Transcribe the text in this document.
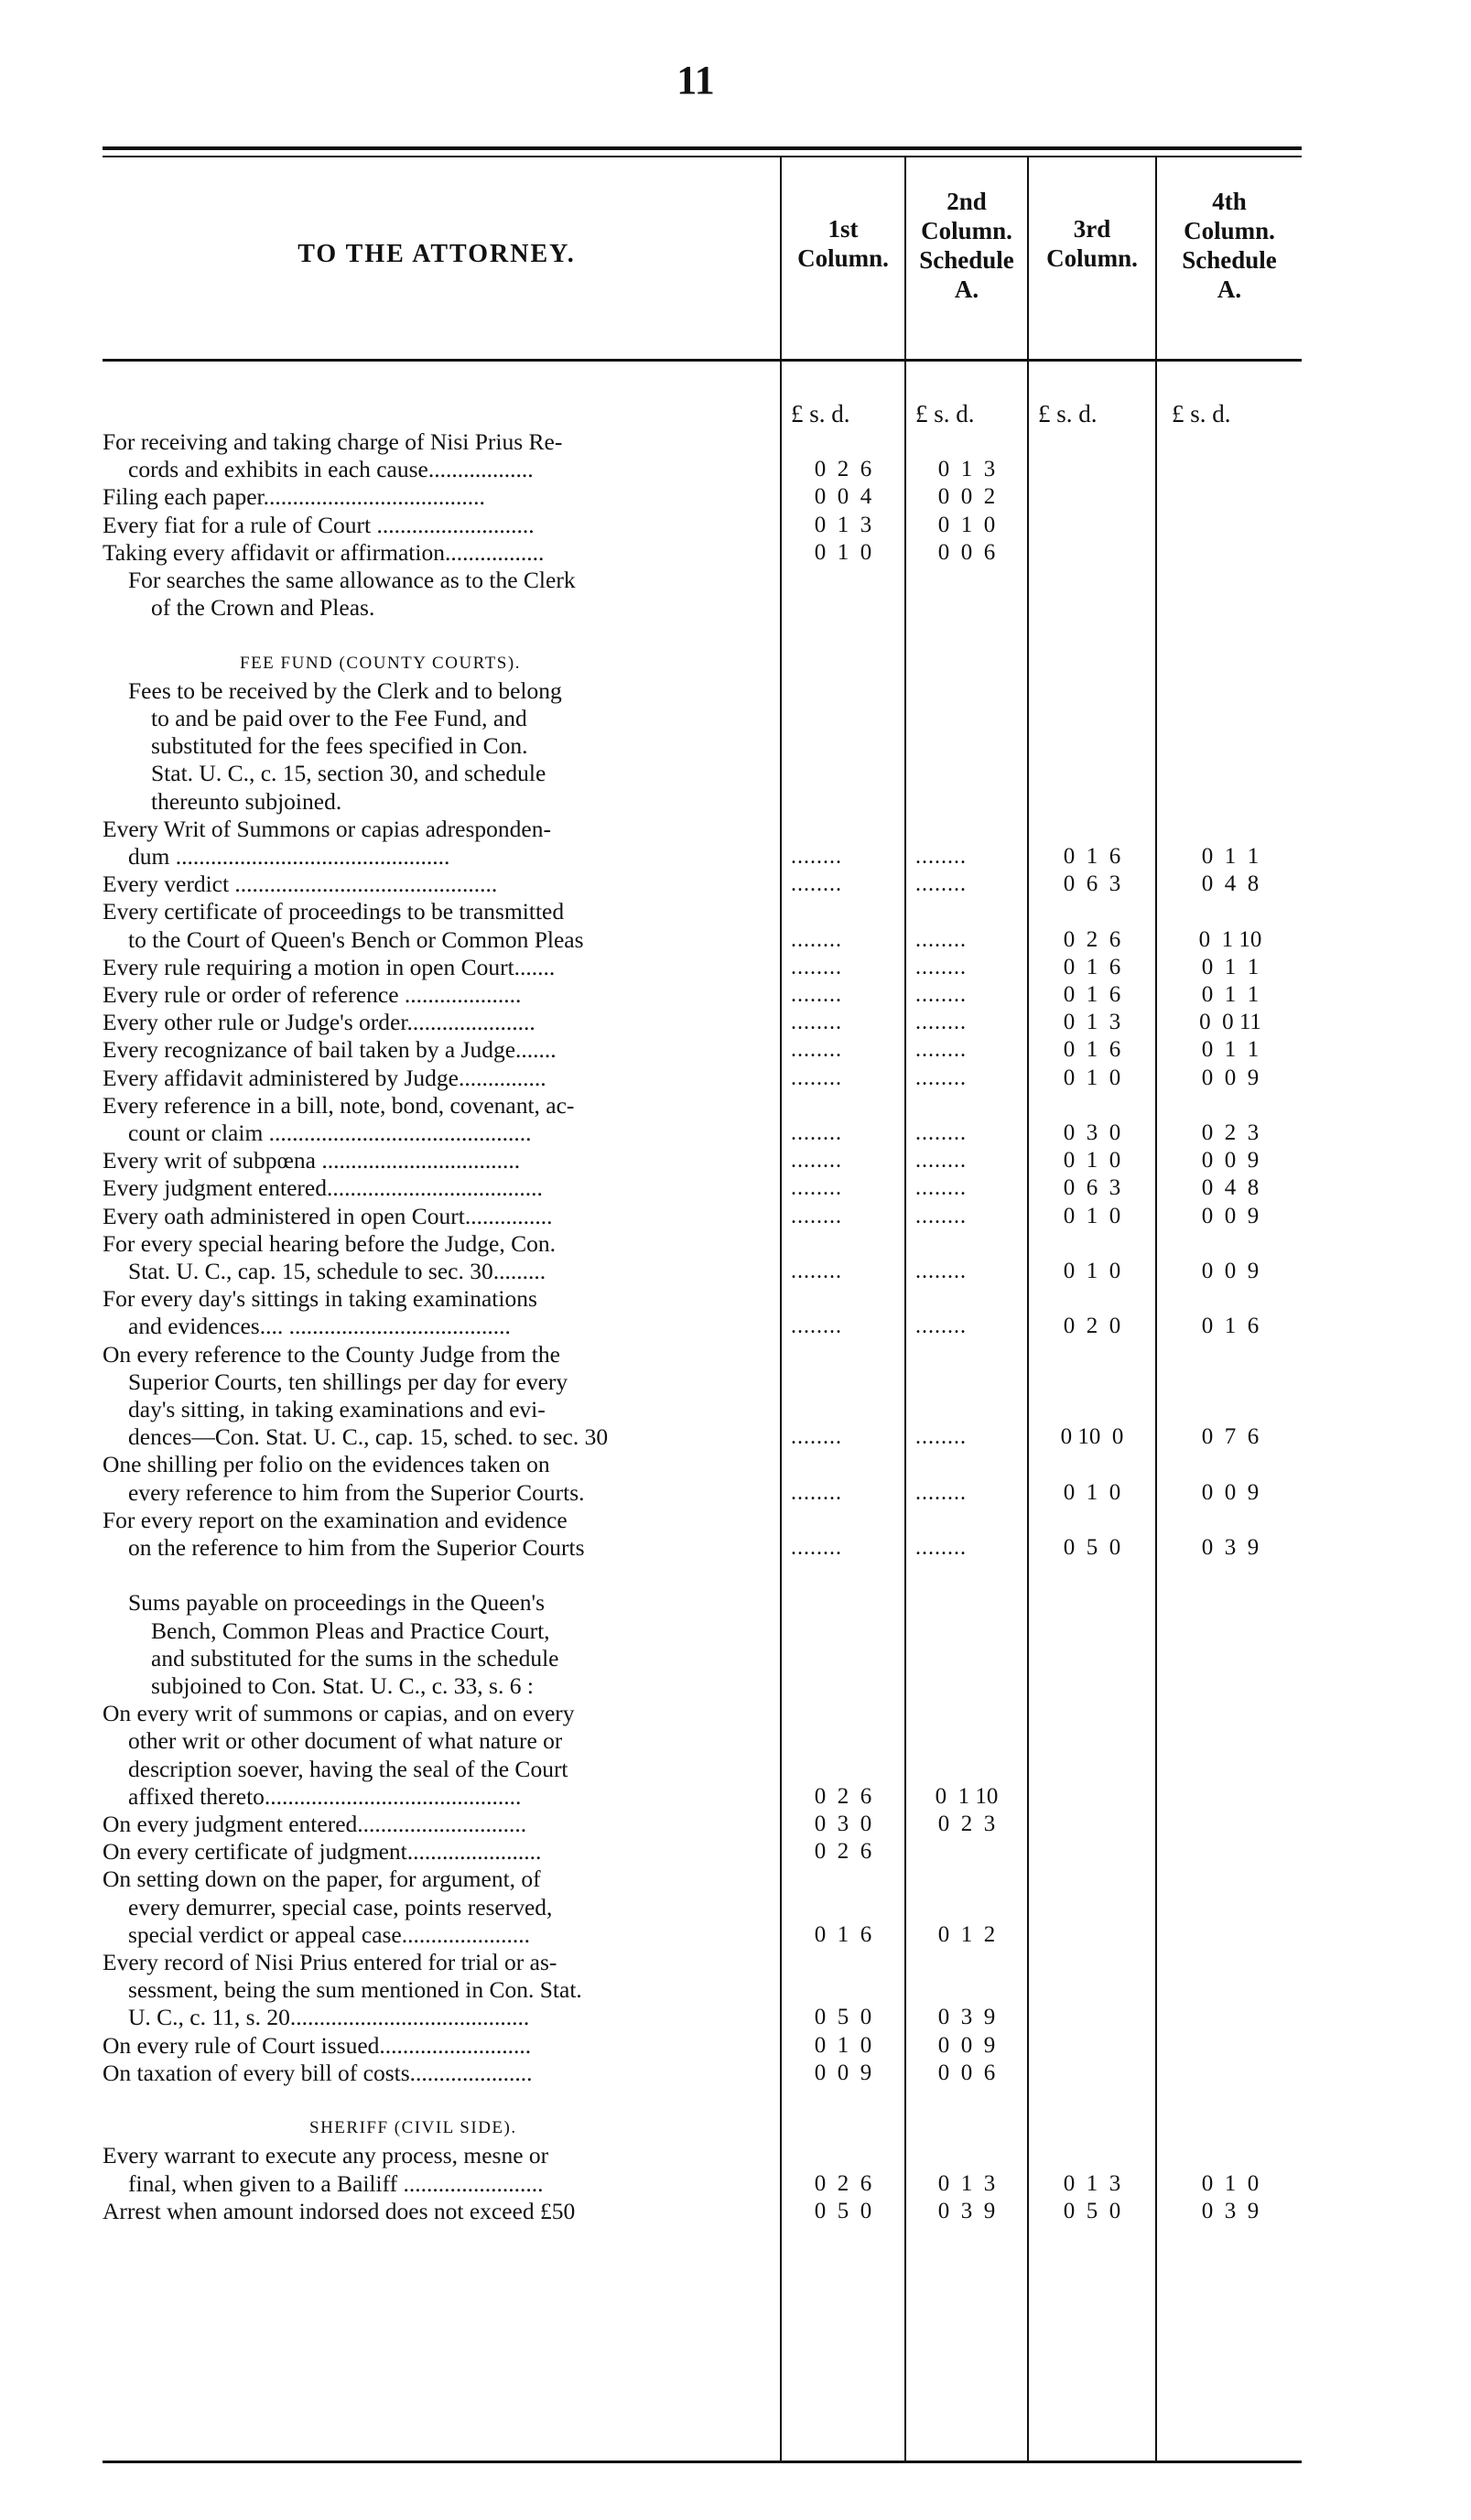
11
TO THE ATTORNEY.
1st
Column.
2nd
Column.
Schedule
A.
3rd
Column.
4th
Column.
Schedule
A.
£ s. d.	£ s. d.	£ s. d.	£ s. d.
For receiving and taking charge of Nisi Prius Re-
cords and exhibits in each cause..................	0  2  6	0  1  3
Filing each paper......................................	0  0  4	0  0  2
Every fiat for a rule of Court ...........................	0  1  3	0  1  0
Taking every affidavit or affirmation.................	0  1  0	0  0  6
For searches the same allowance as to the Clerk
of the Crown and Pleas.
FEE FUND (COUNTY COURTS).
Fees to be received by the Clerk and to belong
to and be paid over to the Fee Fund, and
substituted for the fees specified in Con.
Stat. U. C., c. 15, section 30, and schedule
thereunto subjoined.
Every Writ of Summons or capias adresponden-
dum ...............................................	........	........	0  1  6	0  1  1
Every verdict .............................................	........	........	0  6  3	0  4  8
Every certificate of proceedings to be transmitted
to the Court of Queen's Bench or Common Pleas	........	........	0  2  6	0  1 10
Every rule requiring a motion in open Court.......	........	........	0  1  6	0  1  1
Every rule or order of reference ....................	........	........	0  1  6	0  1  1
Every other rule or Judge's order......................	........	........	0  1  3	0  0 11
Every recognizance of bail taken by a Judge.......	........	........	0  1  6	0  1  1
Every affidavit administered by Judge...............	........	........	0  1  0	0  0  9
Every reference in a bill, note, bond, covenant, ac-
count or claim .............................................	........	........	0  3  0	0  2  3
Every writ of subpœna ..................................	........	........	0  1  0	0  0  9
Every judgment entered.....................................	........	........	0  6  3	0  4  8
Every oath administered in open Court...............	........	........	0  1  0	0  0  9
For every special hearing before the Judge, Con.
Stat. U. C., cap. 15, schedule to sec. 30.........	........	........	0  1  0	0  0  9
For every day's sittings in taking examinations
and evidences.... ......................................	........	........	0  2  0	0  1  6
On every reference to the County Judge from the
Superior Courts, ten shillings per day for every
day's sitting, in taking examinations and evi-
dences—Con. Stat. U. C., cap. 15, sched. to sec. 30	........	........	0 10  0	0  7  6
One shilling per folio on the evidences taken on
every reference to him from the Superior Courts.	........	........	0  1  0	0  0  9
For every report on the examination and evidence
on the reference to him from the Superior Courts	........	........	0  5  0	0  3  9
Sums payable on proceedings in the Queen's
Bench, Common Pleas and Practice Court,
and substituted for the sums in the schedule
subjoined to Con. Stat. U. C., c. 33, s. 6 :
On every writ of summons or capias, and on every
other writ or other document of what nature or
description soever, having the seal of the Court
affixed thereto............................................	0  2  6	0  1 10
On every judgment entered.............................	0  3  0	0  2  3
On every certificate of judgment.......................	0  2  6
On setting down on the paper, for argument, of
every demurrer, special case, points reserved,
special verdict or appeal case......................	0  1  6	0  1  2
Every record of Nisi Prius entered for trial or as-
sessment, being the sum mentioned in Con. Stat.
U. C., c. 11, s. 20.........................................	0  5  0	0  3  9
On every rule of Court issued..........................	0  1  0	0  0  9
On taxation of every bill of costs.....................	0  0  9	0  0  6
SHERIFF (CIVIL SIDE).
Every warrant to execute any process, mesne or
final, when given to a Bailiff ........................	0  2  6	0  1  3	0  1  3	0  1  0
Arrest when amount indorsed does not exceed £50	0  5  0	0  3  9	0  5  0	0  3  9
